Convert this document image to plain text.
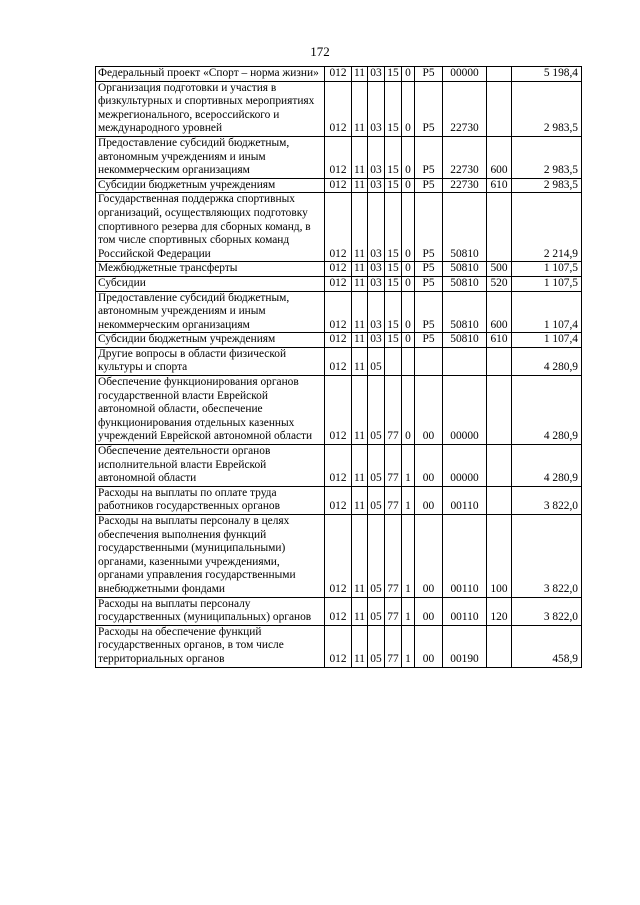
172
Федеральный проект «Спорт – норма жизни»	012	11	03	15	0	P5	00000		5 198,4
Организация подготовки и участия в физкультурных и спортивных мероприятиях межрегионального, всероссийского и международного уровней	012	11	03	15	0	P5	22730		2 983,5
Предоставление субсидий бюджетным, автономным учреждениям и иным некоммерческим организациям	012	11	03	15	0	P5	22730	600	2 983,5
Субсидии бюджетным учреждениям	012	11	03	15	0	P5	22730	610	2 983,5
Государственная поддержка спортивных организаций, осуществляющих подготовку спортивного резерва для сборных команд, в том числе спортивных сборных команд Российской Федерации	012	11	03	15	0	P5	50810		2 214,9
Межбюджетные трансферты	012	11	03	15	0	P5	50810	500	1 107,5
Субсидии	012	11	03	15	0	P5	50810	520	1 107,5
Предоставление субсидий бюджетным, автономным учреждениям и иным некоммерческим организациям	012	11	03	15	0	P5	50810	600	1 107,4
Субсидии бюджетным учреждениям	012	11	03	15	0	P5	50810	610	1 107,4
Другие вопросы в области физической культуры и спорта	012	11	05						4 280,9
Обеспечение функционирования органов государственной власти Еврейской автономной области, обеспечение функционирования отдельных казенных учреждений Еврейской автономной области	012	11	05	77	0	00	00000		4 280,9
Обеспечение деятельности органов исполнительной власти Еврейской автономной области	012	11	05	77	1	00	00000		4 280,9
Расходы на выплаты по оплате труда работников государственных органов	012	11	05	77	1	00	00110		3 822,0
Расходы на выплаты персоналу в целях обеспечения выполнения функций государственными (муниципальными) органами, казенными учреждениями, органами управления государственными внебюджетными фондами	012	11	05	77	1	00	00110	100	3 822,0
Расходы на выплаты персоналу государственных (муниципальных) органов	012	11	05	77	1	00	00110	120	3 822,0
Расходы на обеспечение функций государственных органов, в том числе территориальных органов	012	11	05	77	1	00	00190		458,9
